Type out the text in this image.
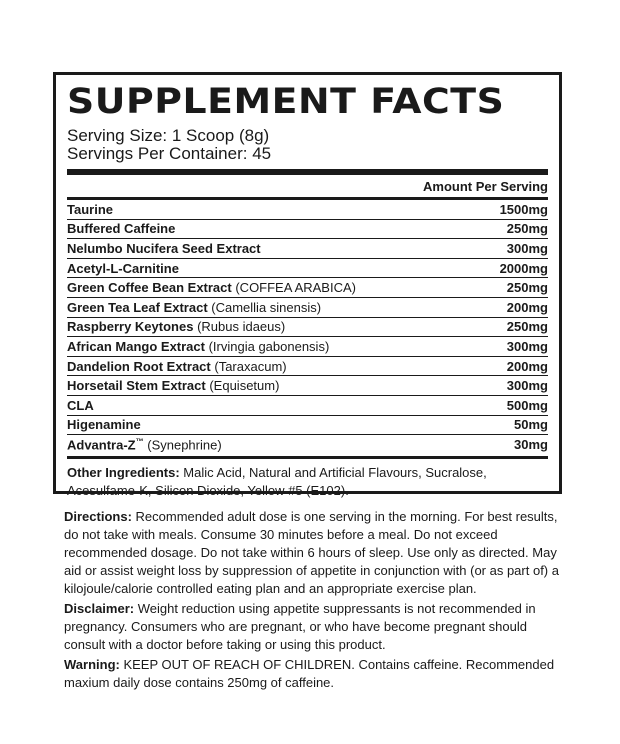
SUPPLEMENT FACTS
Serving Size: 1 Scoop (8g)
Servings Per Container: 45
Amount Per Serving
Taurine	1500mg
Buffered Caffeine	250mg
Nelumbo Nucifera Seed Extract	300mg
Acetyl-L-Carnitine	2000mg
Green Coffee Bean Extract (COFFEA ARABICA)	250mg
Green Tea Leaf Extract (Camellia sinensis)	200mg
Raspberry Keytones (Rubus idaeus)	250mg
African Mango Extract (Irvingia gabonensis)	300mg
Dandelion Root Extract (Taraxacum)	200mg
Horsetail Stem Extract (Equisetum)	300mg
CLA	500mg
Higenamine	50mg
Advantra-Z™ (Synephrine)	30mg
Other Ingredients: Malic Acid, Natural and Artificial Flavours, Sucralose, Acesulfame-K, Silicon Dioxide, Yellow #5 (E102).

Directions: Recommended adult dose is one serving in the morning. For best results, do not take with meals. Consume 30 minutes before a meal. Do not exceed recommended dosage. Do not take within 6 hours of sleep. Use only as directed. May aid or assist weight loss by suppression of appetite in conjunction with (or as part of) a kilojoule/calorie controlled eating plan and an appropriate exercise plan.

Disclaimer: Weight reduction using appetite suppressants is not recommended in pregnancy. Consumers who are pregnant, or who have become pregnant should consult with a doctor before taking or using this product.

Warning: KEEP OUT OF REACH OF CHILDREN. Contains caffeine. Recommended maxium daily dose contains 250mg of caffeine.
